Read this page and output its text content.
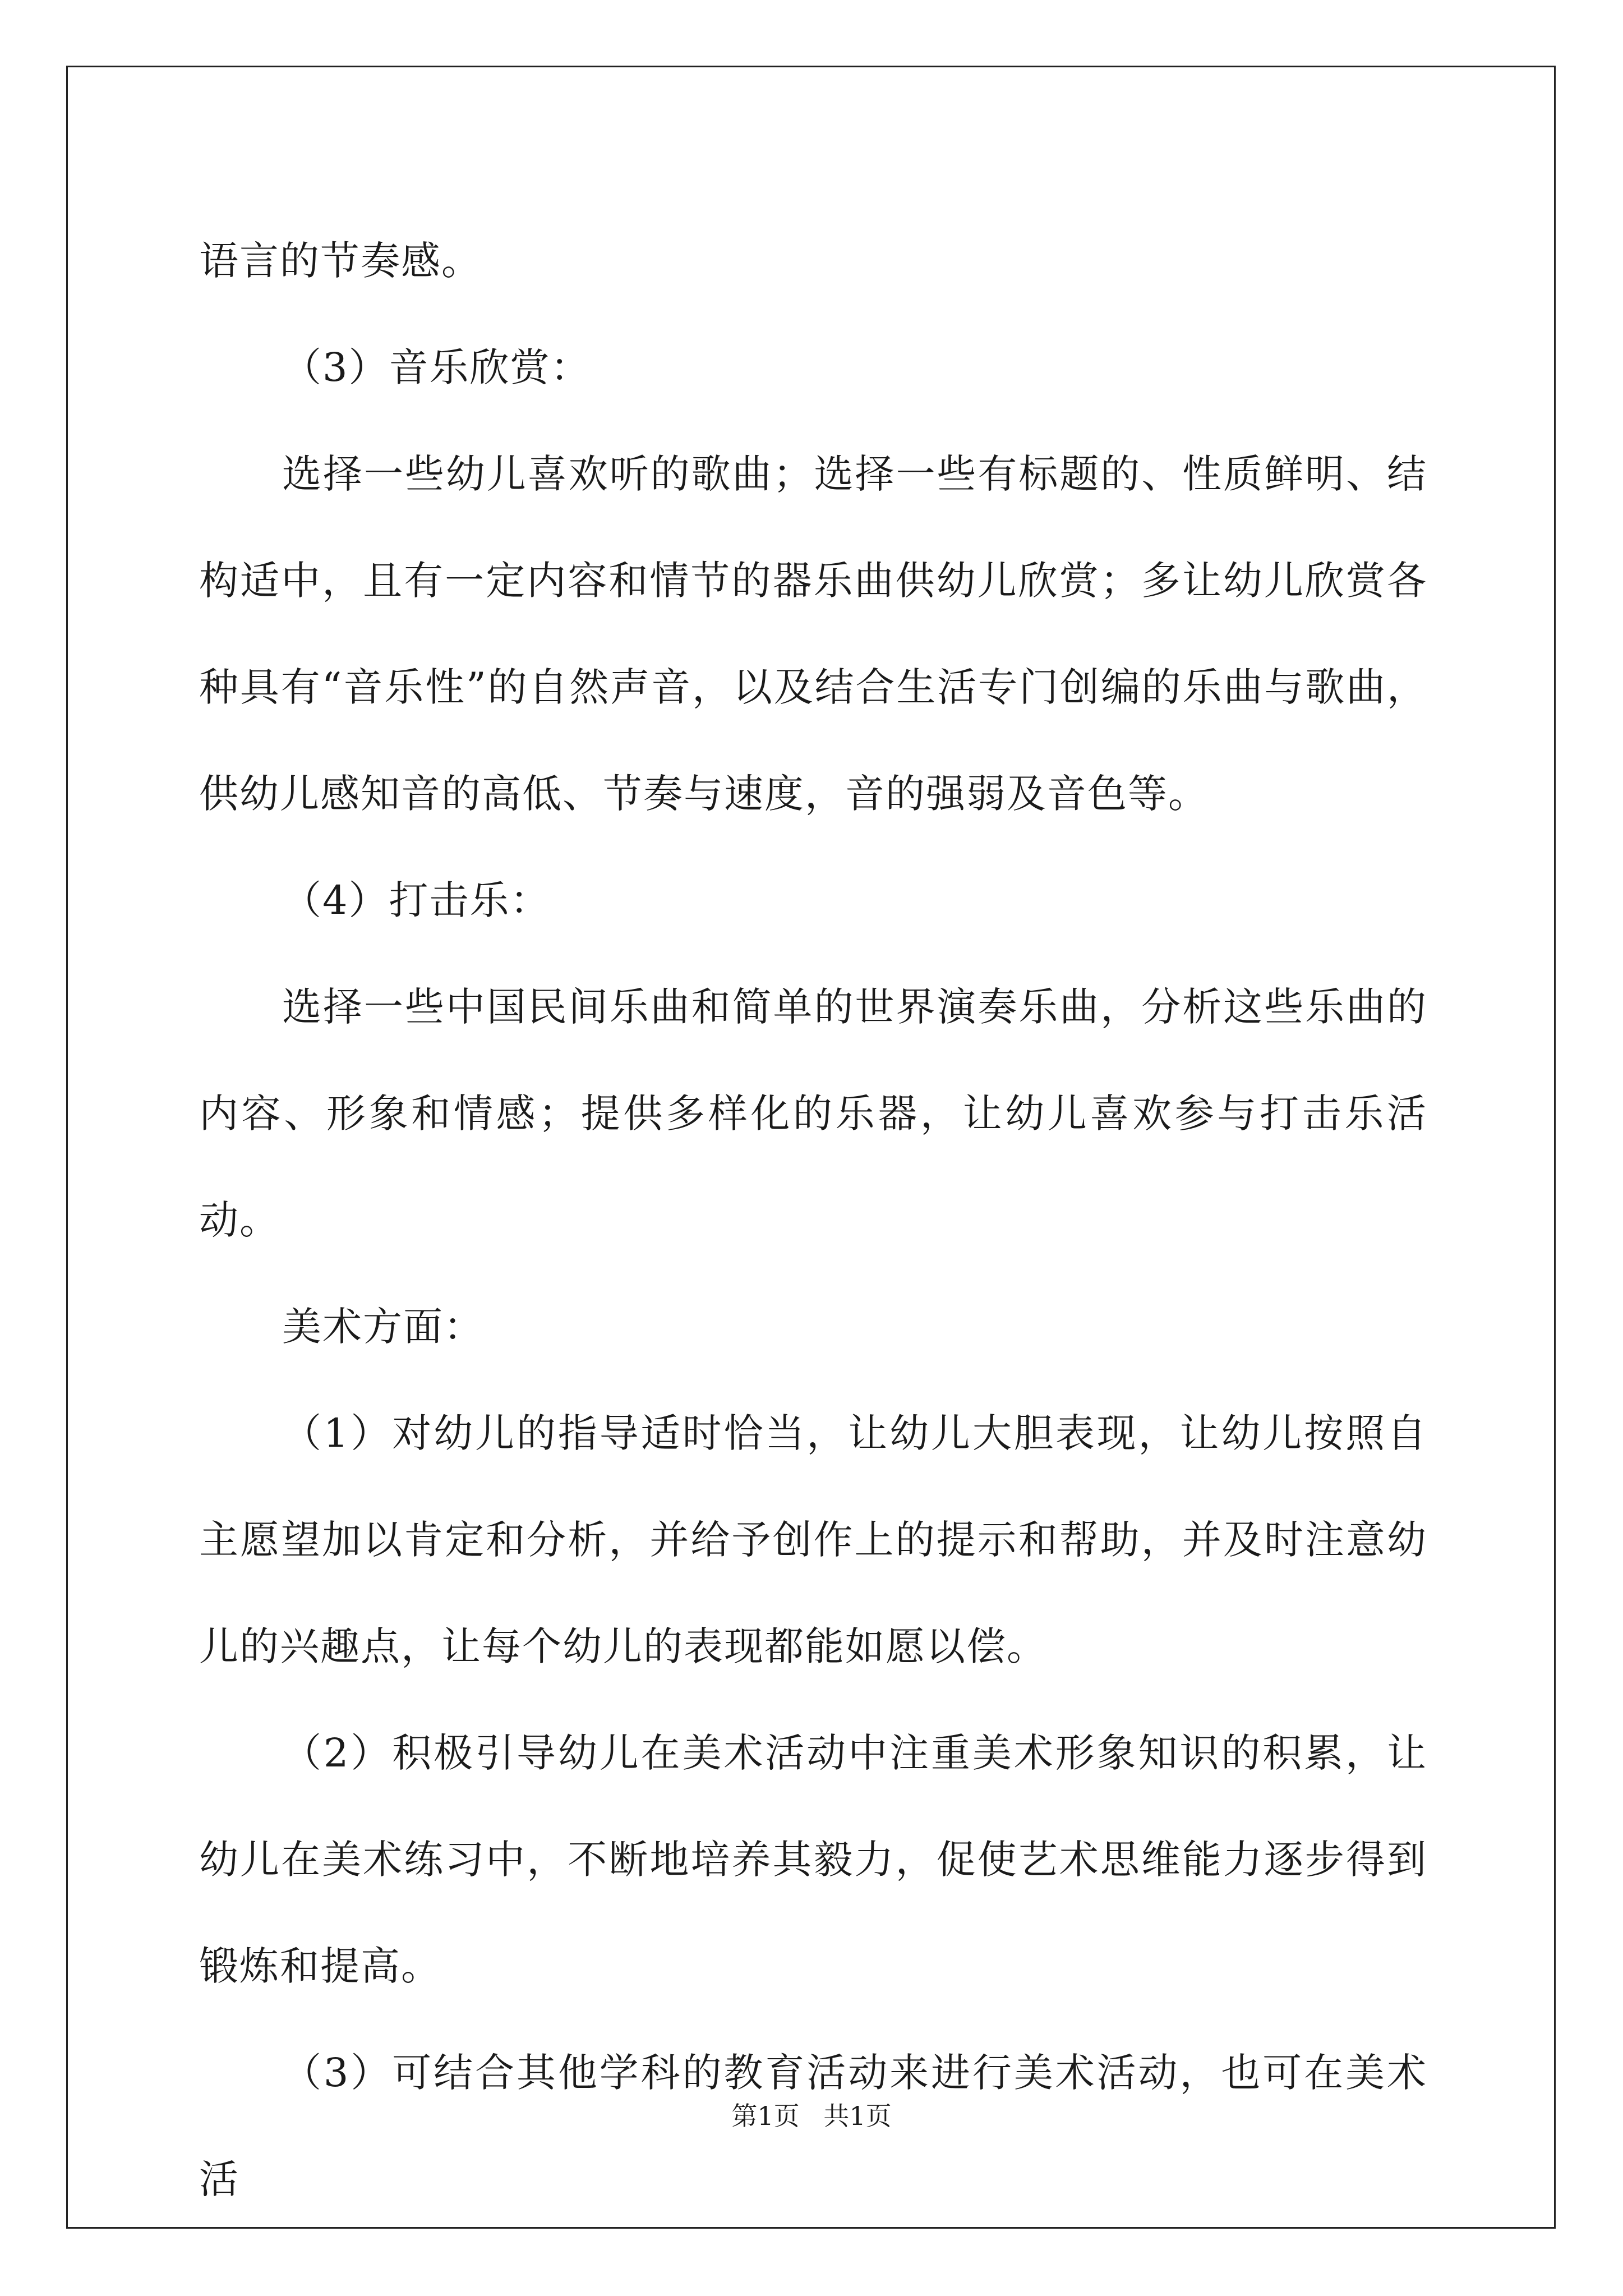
语言的节奏感。

（3）音乐欣赏：

选择一些幼儿喜欢听的歌曲；选择一些有标题的、性质鲜明、结构适中，且有一定内容和情节的器乐曲供幼儿欣赏；多让幼儿欣赏各种具有“音乐性”的自然声音，以及结合生活专门创编的乐曲与歌曲，供幼儿感知音的高低、节奏与速度，音的强弱及音色等。

（4）打击乐：

选择一些中国民间乐曲和简单的世界演奏乐曲，分析这些乐曲的内容、形象和情感；提供多样化的乐器，让幼儿喜欢参与打击乐活动。

美术方面：

（1）对幼儿的指导适时恰当，让幼儿大胆表现，让幼儿按照自主愿望加以肯定和分析，并给予创作上的提示和帮助，并及时注意幼儿的兴趣点，让每个幼儿的表现都能如愿以偿。

（2）积极引导幼儿在美术活动中注重美术形象知识的积累，让幼儿在美术练习中，不断地培养其毅力，促使艺术思维能力逐步得到锻炼和提高。

（3）可结合其他学科的教育活动来进行美术活动，也可在美术活

第1页 共1页
